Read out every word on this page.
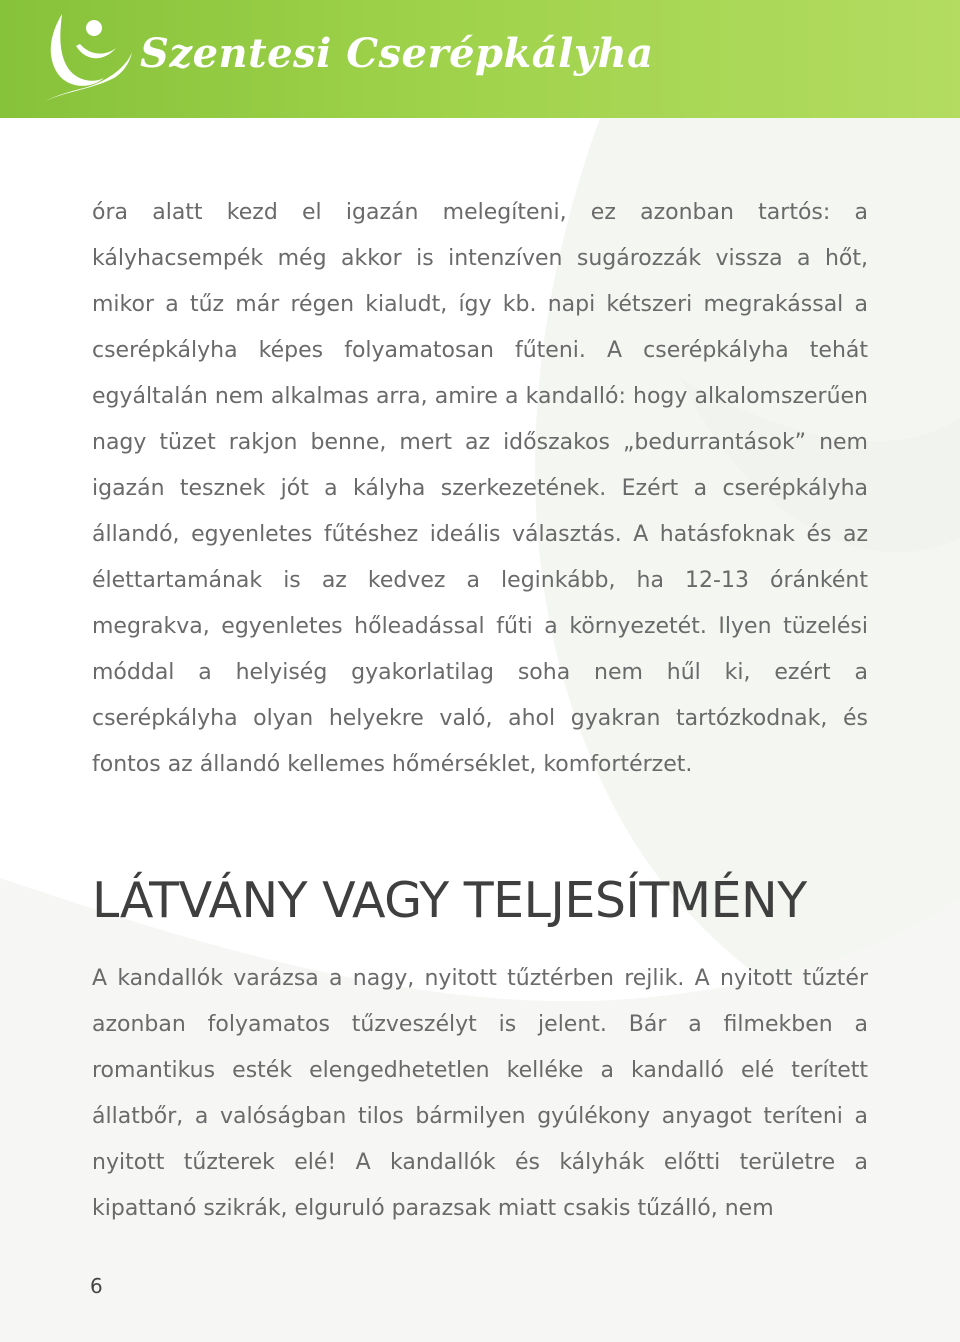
Szentesi Cserépkályha

óra alatt kezd el igazán melegíteni, ez azonban tartós: a kályhacsempék még akkor is intenzíven sugározzák vissza a hőt, mikor a tűz már régen kialudt, így kb. napi kétszeri megrakással a cserépkályha képes folyamatosan fűteni. A cserépkályha tehát egyáltalán nem alkalmas arra, amire a kandalló: hogy alkalomszerűen nagy tüzet rakjon benne, mert az időszakos „bedurrantások” nem igazán tesznek jót a kályha szerkezetének. Ezért a cserépkályha állandó, egyenletes fűtéshez ideális választás. A hatásfoknak és az élettartamának is az kedvez a leginkább, ha 12-13 óránként megrakva, egyenletes hőleadással fűti a környezetét. Ilyen tüzelési móddal a helyiség gyakorlatilag soha nem hűl ki, ezért a cserépkályha olyan helyekre való, ahol gyakran tartózkodnak, és fontos az állandó kellemes hőmérséklet, komfortérzet.

LÁTVÁNY VAGY TELJESÍTMÉNY

A kandallók varázsa a nagy, nyitott tűztérben rejlik. A nyitott tűztér azonban folyamatos tűzveszélyt is jelent. Bár a filmekben a romantikus esték elengedhetetlen kelléke a kandalló elé terített állatbőr, a valóságban tilos bármilyen gyúlékony anyagot teríteni a nyitott tűzterek elé! A kandallók és kályhák előtti területre a kipattanó szikrák, elguruló parazsak miatt csakis tűzálló, nem

6
